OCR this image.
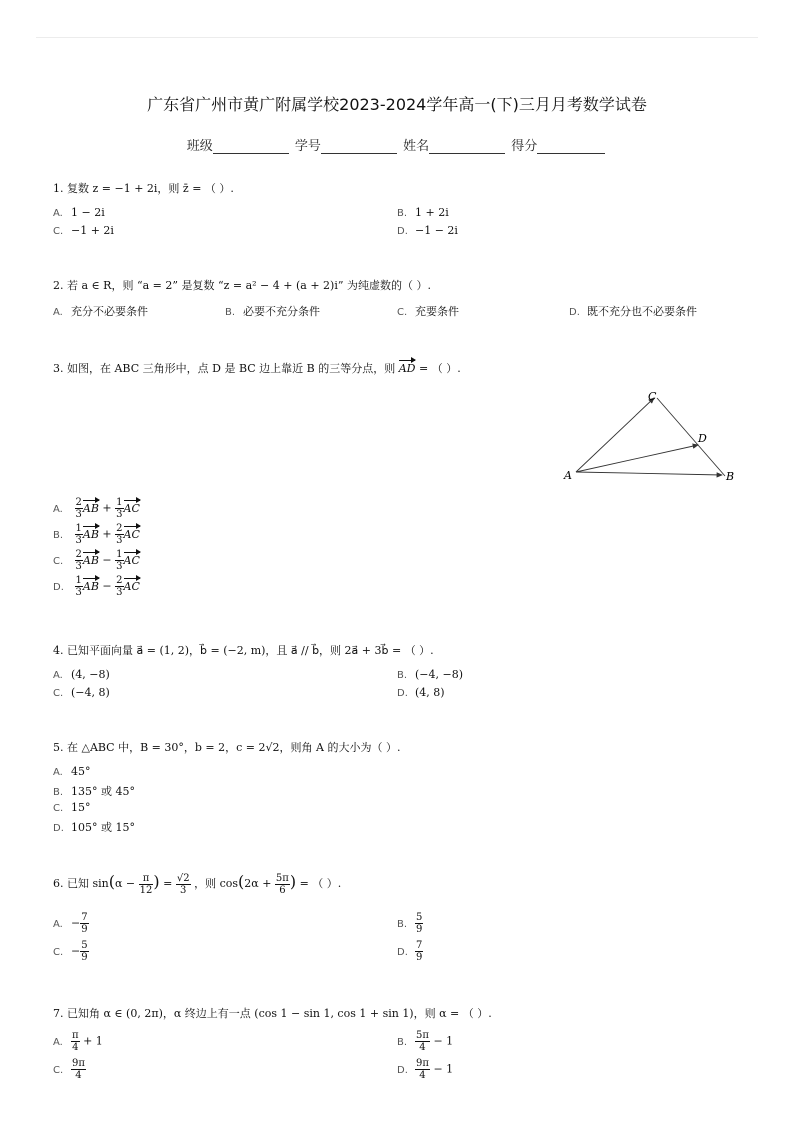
广东省广州市黄广附属学校2023-2024学年高一(下)三月月考数学试卷
班级	学号	姓名	得分
1. 复数 z = −1 + 2i，则 z̄ = （ ）.
A. 1 − 2i	B. 1 + 2i
C. −1 + 2i	D. −1 − 2i
2. 若 a ∈ R，则 “a = 2” 是复数 “z = a² − 4 + (a + 2)i” 为纯虚数的（ ）.
A. 充分不必要条件	B. 必要不充分条件	C. 充要条件	D. 既不充分也不必要条件
3. 如图，在 ABC 三角形中，点 D 是 BC 边上靠近 B 的三等分点，则 AD = （ ）.
A	B
C
D
A. $\frac{2}{3}$ AB + $\frac{1}{3}$ AC
B. $\frac{1}{3}$ AB + $\frac{2}{3}$ AC
C. $\frac{2}{3}$ AB − $\frac{1}{3}$ AC
D. $\frac{1}{3}$ AB − $\frac{2}{3}$ AC
4. 已知平面向量 a⃗ = (1, 2)，b⃗ = (−2, m)，且 a⃗ // b⃗，则 2a⃗ + 3b⃗ = （ ）.
A. (4, −8)	B. (−4, −8)
C. (−4, 8)	D. (4, 8)
5. 在 △ABC 中，B = 30°，b = 2，c = 2√2，则角 A 的大小为（ ）.
A. 45°
B. 135° 或 45°
C. 15°
D. 105° 或 15°
6. 已知 $\sin(\alpha - \frac{\pi}{12}$ ) = $\frac{√2}{3}$ ，则 $\cos(2\alpha + \frac{5\pi}{6}$ ) = （ ）.
A. − $\frac{7}{9}$	B. $\frac{5}{9}$
C. − $\frac{5}{9}$	D. $\frac{7}{9}$
7. 已知角 α ∈ (0, 2π)，α 终边上有一点 (cos 1 − sin 1, cos 1 + sin 1)，则 α = （ ）.
A. $\frac{\pi}{4} + 1$	B. $\frac{5\pi}{4} - 1$
C. $\frac{9\pi}{4}$	D. $\frac{9\pi}{4} - 1$
